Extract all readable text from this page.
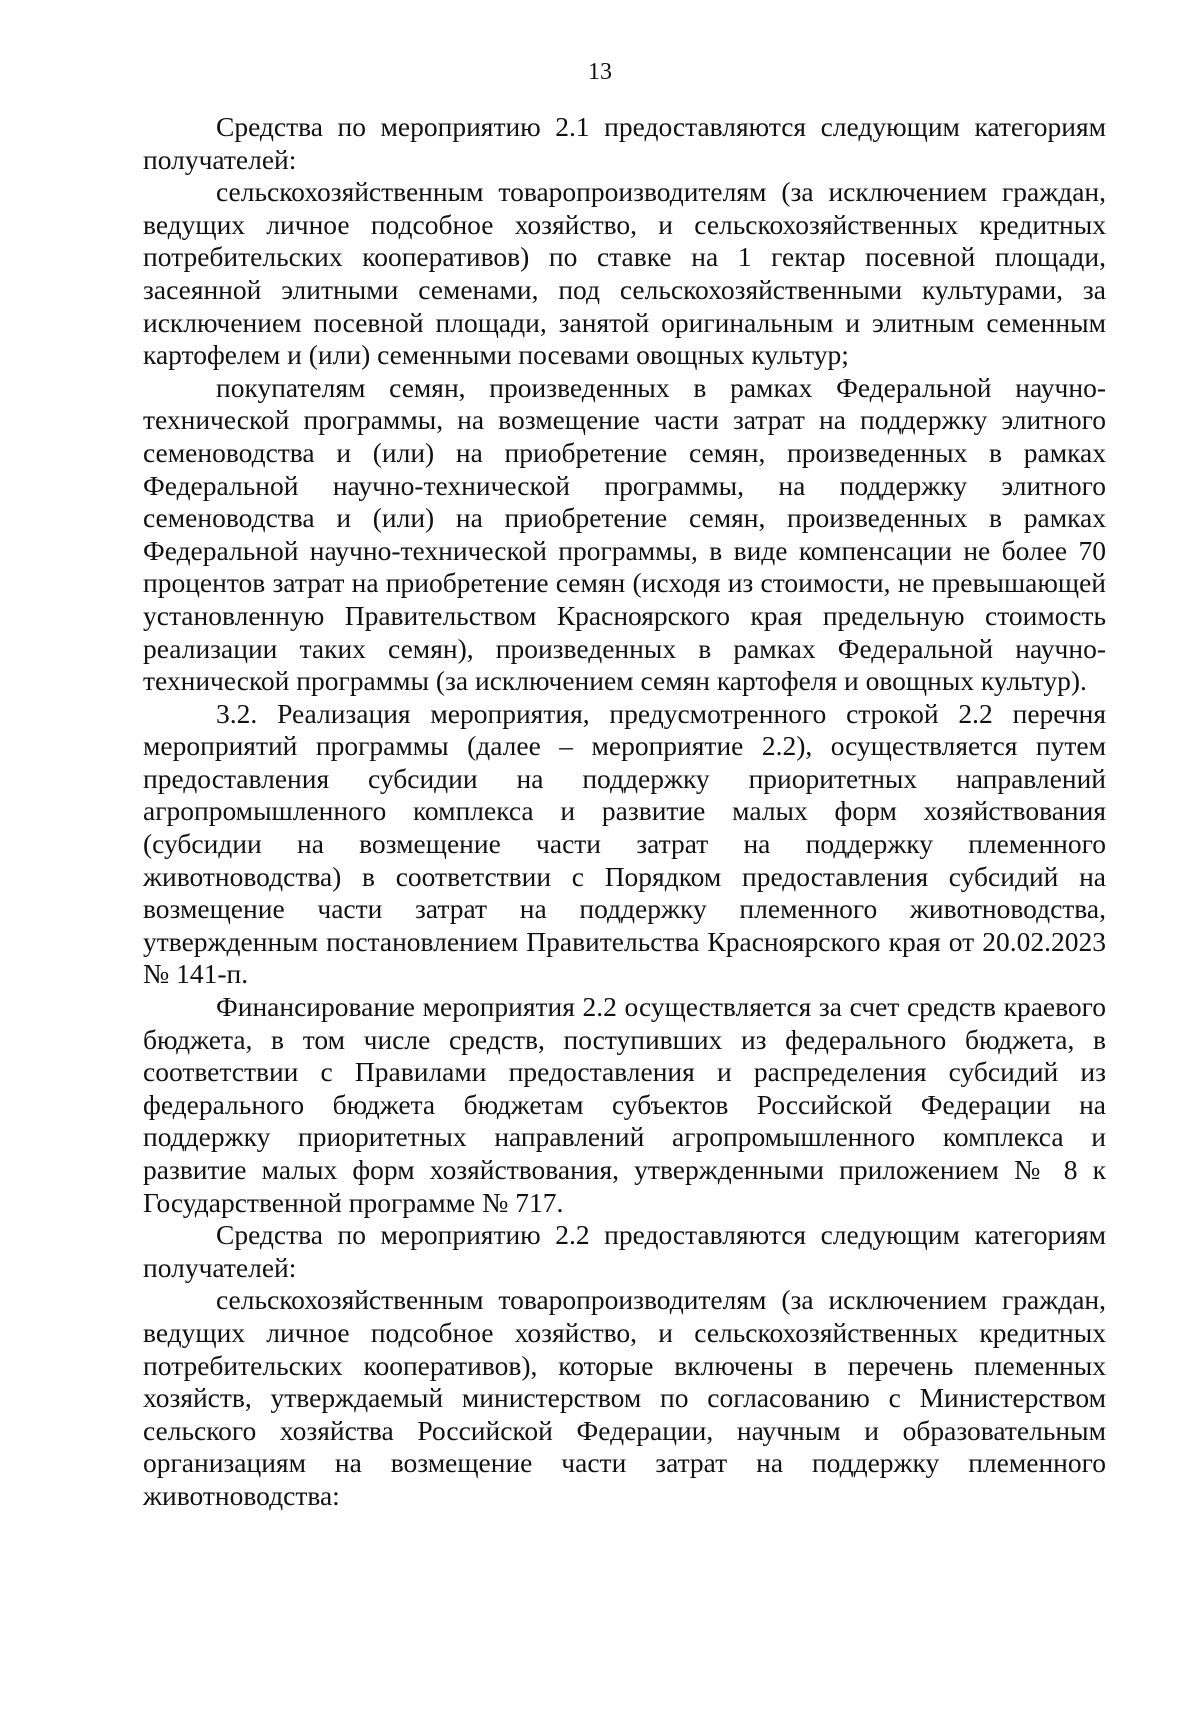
13

Средства по мероприятию 2.1 предоставляются следующим категориям получателей:

сельскохозяйственным товаропроизводителям (за исключением граждан, ведущих личное подсобное хозяйство, и сельскохозяйственных кредитных потребительских кооперативов) по ставке на 1 гектар посевной площади, засеянной элитными семенами, под сельскохозяйственными культурами, за исключением посевной площади, занятой оригинальным и элитным семенным картофелем и (или) семенными посевами овощных культур;

покупателям семян, произведенных в рамках Федеральной научно-технической программы, на возмещение части затрат на поддержку элитного семеноводства и (или) на приобретение семян, произведенных в рамках Федеральной научно-технической программы, на поддержку элитного семеноводства и (или) на приобретение семян, произведенных в рамках Федеральной научно-технической программы, в виде компенсации не более 70 процентов затрат на приобретение семян (исходя из стоимости, не превышающей установленную Правительством Красноярского края предельную стоимость реализации таких семян), произведенных в рамках Федеральной научно-технической программы (за исключением семян картофеля и овощных культур).

3.2. Реализация мероприятия, предусмотренного строкой 2.2 перечня мероприятий программы (далее – мероприятие 2.2), осуществляется путем предоставления субсидии на поддержку приоритетных направлений агропромышленного комплекса и развитие малых форм хозяйствования (субсидии на возмещение части затрат на поддержку племенного животноводства) в соответствии с Порядком предоставления субсидий на возмещение части затрат на поддержку племенного животноводства, утвержденным постановлением Правительства Красноярского края от 20.02.2023 № 141-п.

Финансирование мероприятия 2.2 осуществляется за счет средств краевого бюджета, в том числе средств, поступивших из федерального бюджета, в соответствии с Правилами предоставления и распределения субсидий из федерального бюджета бюджетам субъектов Российской Федерации на поддержку приоритетных направлений агропромышленного комплекса и развитие малых форм хозяйствования, утвержденными приложением № 8 к Государственной программе № 717.

Средства по мероприятию 2.2 предоставляются следующим категориям получателей:

сельскохозяйственным товаропроизводителям (за исключением граждан, ведущих личное подсобное хозяйство, и сельскохозяйственных кредитных потребительских кооперативов), которые включены в перечень племенных хозяйств, утверждаемый министерством по согласованию с Министерством сельского хозяйства Российской Федерации, научным и образовательным организациям на возмещение части затрат на поддержку племенного животноводства:
